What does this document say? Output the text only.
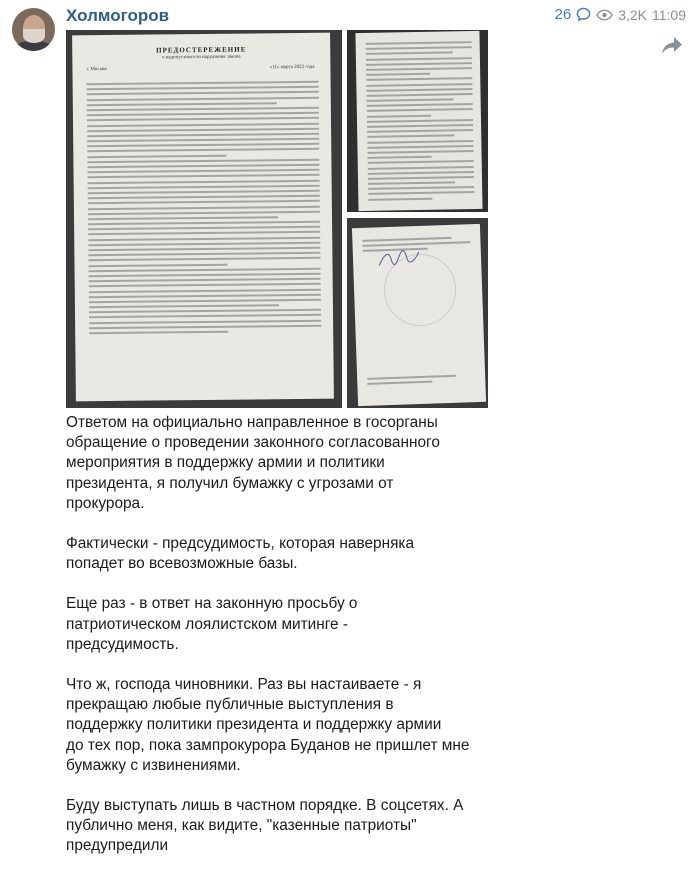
Холмогоров	26	3,2K 11:09
ПРЕДОСТЕРЕЖЕНИЕ
о недопустимости нарушения закона
г. Москва	«11» марта 2022 года

Ответом на официально направленное в госорганы
обращение о проведении законного согласованного
мероприятия в поддержку армии и политики
президента, я получил бумажку с угрозами от
прокурора.

Фактически - предсудимость, которая наверняка
попадет во всевозможные базы.

Еще раз - в ответ на законную просьбу о
патриотическом лоялистском митинге -
предсудимость.

Что ж, господа чиновники. Раз вы настаиваете - я
прекращаю любые публичные выступления в
поддержку политики президента и поддержку армии
до тех пор, пока зампрокурора Буданов не пришлет мне
бумажку с извинениями.

Буду выступать лишь в частном порядке. В соцсетях. А
публично меня, как видите, "казенные патриоты"
предупредили
